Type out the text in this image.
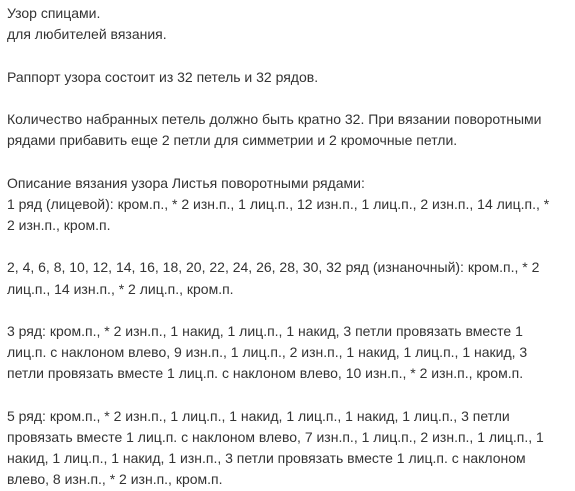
Узор спицами.
для любителей вязания.

Раппорт узора состоит из 32 петель и 32 рядов.

Количество набранных петель должно быть кратно 32. При вязании поворотными
рядами прибавить еще 2 петли для симметрии и 2 кромочные петли.

Описание вязания узора Листья поворотными рядами:
1 ряд (лицевой): кром.п., * 2 изн.п., 1 лиц.п., 12 изн.п., 1 лиц.п., 2 изн.п., 14 лиц.п., *
2 изн.п., кром.п.

2, 4, 6, 8, 10, 12, 14, 16, 18, 20, 22, 24, 26, 28, 30, 32 ряд (изнаночный): кром.п., * 2
лиц.п., 14 изн.п., * 2 лиц.п., кром.п.

3 ряд: кром.п., * 2 изн.п., 1 накид, 1 лиц.п., 1 накид, 3 петли провязать вместе 1
лиц.п. с наклоном влево, 9 изн.п., 1 лиц.п., 2 изн.п., 1 накид, 1 лиц.п., 1 накид, 3
петли провязать вместе 1 лиц.п. с наклоном влево, 10 изн.п., * 2 изн.п., кром.п.

5 ряд: кром.п., * 2 изн.п., 1 лиц.п., 1 накид, 1 лиц.п., 1 накид, 1 лиц.п., 3 петли
провязать вместе 1 лиц.п. с наклоном влево, 7 изн.п., 1 лиц.п., 2 изн.п., 1 лиц.п., 1
накид, 1 лиц.п., 1 накид, 1 изн.п., 3 петли провязать вместе 1 лиц.п. с наклоном
влево, 8 изн.п., * 2 изн.п., кром.п.
